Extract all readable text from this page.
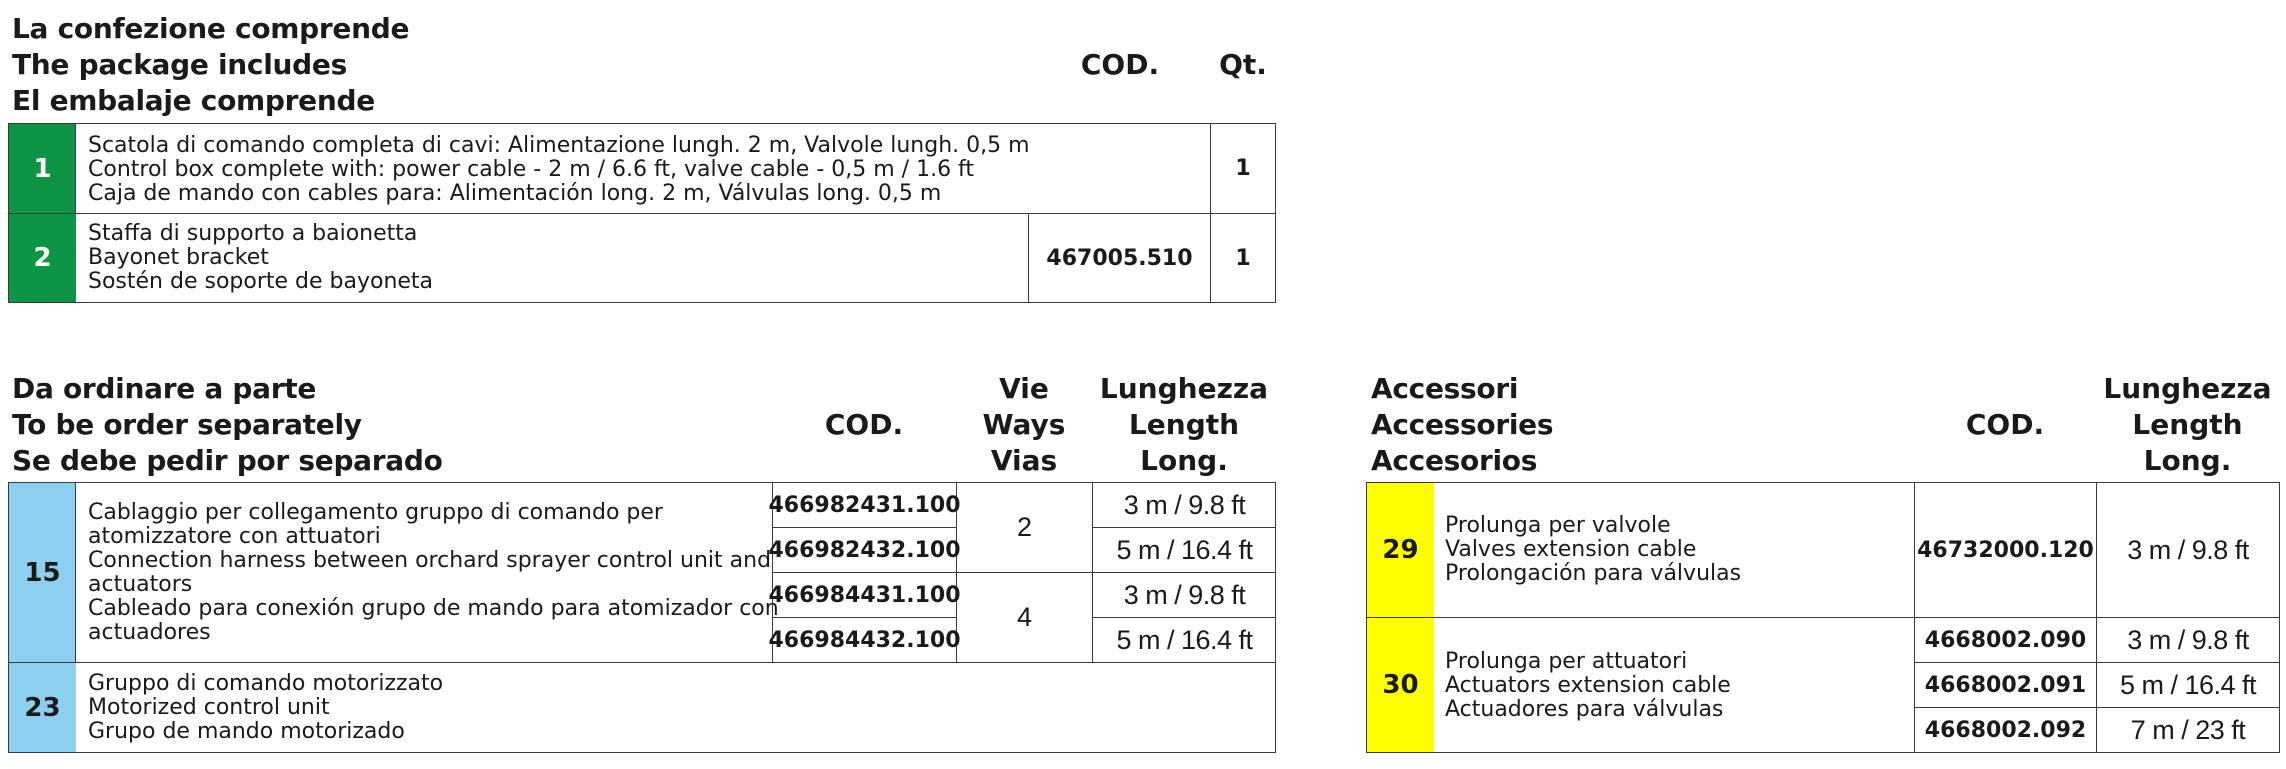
La confezione comprende
The package includes
El embalaje comprende
COD.	Qt.
1
Scatola di comando completa di cavi: Alimentazione lungh. 2 m, Valvole lungh. 0,5 m
Control box complete with: power cable - 2 m / 6.6 ft, valve cable - 0,5 m / 1.6 ft
Caja de mando con cables para: Alimentación long. 2 m, Válvulas long. 0,5 m
1
2
Staffa di supporto a baionetta
Bayonet bracket
Sostén de soporte de bayoneta
467005.510 1
Da ordinare a parte
To be order separately
Se debe pedir por separado
COD.
Vie
Ways
Vias
Lunghezza
Length
Long.
15
Cablaggio per collegamento gruppo di comando per
atomizzatore con attuatori
Connection harness between orchard sprayer control unit and
actuators
Cableado para conexión grupo de mando para atomizador con
actuadores
466982431.100
466982432.100
466984431.100
466984432.100
2
4
3 m / 9.8 ft
5 m / 16.4 ft
3 m / 9.8 ft
5 m / 16.4 ft
23
Gruppo di comando motorizzato
Motorized control unit
Grupo de mando motorizado
Accessori
Accessories
Accesorios
COD.
Lunghezza
Length
Long.
29
Prolunga per valvole
Valves extension cable
Prolongación para válvulas
46732000.120 3 m / 9.8 ft
30
Prolunga per attuatori
Actuators extension cable
Actuadores para válvulas
4668002.090
4668002.091
4668002.092
3 m / 9.8 ft
5 m / 16.4 ft
7 m / 23 ft
